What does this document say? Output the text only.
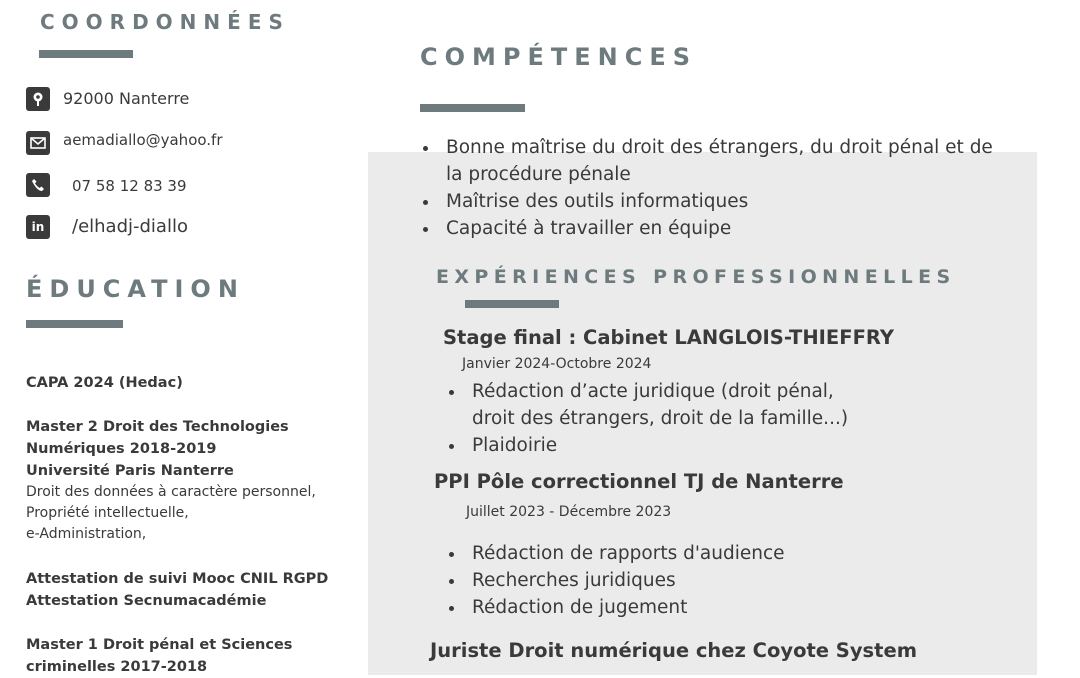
COORDONNÉES
92000 Nanterre
aemadiallo@yahoo.fr
07 58 12 83 39
in /elhadj-diallo
ÉDUCATION
CAPA 2024 (Hedac)
Master 2 Droit des Technologies
Numériques 2018-2019
Université Paris Nanterre
Droit des données à caractère personnel,
Propriété intellectuelle,
e-Administration,
Attestation de suivi Mooc CNIL RGPD
Attestation Secnumacadémie
Master 1 Droit pénal et Sciences
criminelles 2017-2018
COMPÉTENCES
Bonne maîtrise du droit des étrangers, du droit pénal et de
la procédure pénale
Maîtrise des outils informatiques
Capacité à travailler en équipe
EXPÉRIENCES PROFESSIONNELLES
Stage final : Cabinet LANGLOIS-THIEFFRY
Janvier 2024-Octobre 2024
Rédaction d’acte juridique (droit pénal,
droit des étrangers, droit de la famille...)
Plaidoirie
PPI Pôle correctionnel TJ de Nanterre
Juillet 2023 - Décembre 2023
Rédaction de rapports d'audience
Recherches juridiques
Rédaction de jugement
Juriste Droit numérique chez Coyote System
